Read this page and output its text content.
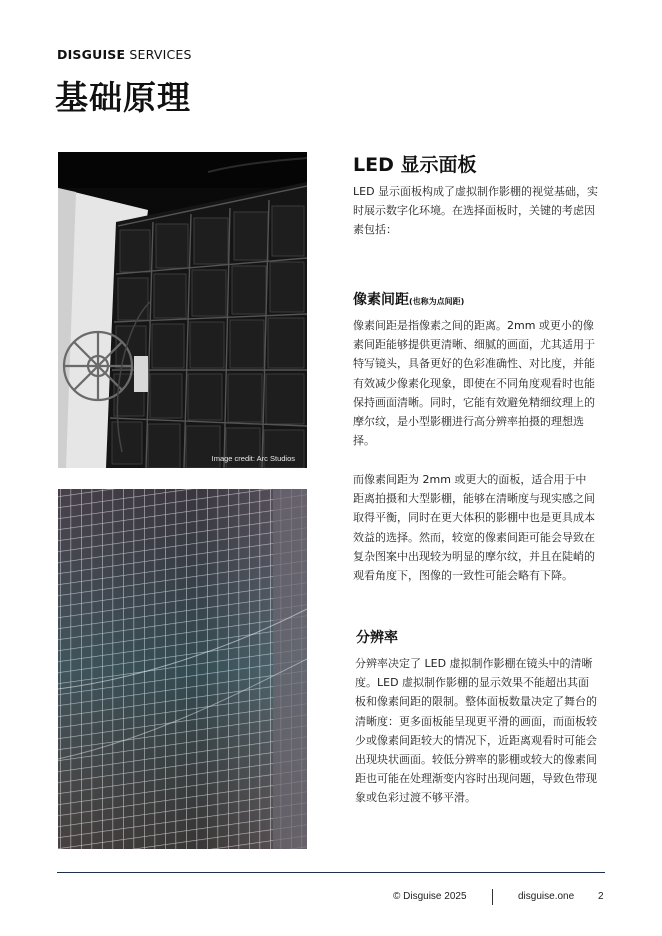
DISGUISE SERVICES
基础原理
Image credit: Arc Studios
LED 显示面板

LED 显示面板构成了虚拟制作影棚的视觉基础，实时展示数字化环境。在选择面板时，关键的考虑因素包括：

像素间距(也称为点间距)

像素间距是指像素之间的距离。2mm 或更小的像素间距能够提供更清晰、细腻的画面，尤其适用于特写镜头，具备更好的色彩准确性、对比度，并能有效减少像素化现象，即使在不同角度观看时也能保持画面清晰。同时，它能有效避免精细纹理上的摩尔纹，是小型影棚进行高分辨率拍摄的理想选择。

而像素间距为 2mm 或更大的面板，适合用于中距离拍摄和大型影棚，能够在清晰度与现实感之间取得平衡，同时在更大体积的影棚中也是更具成本效益的选择。然而，较宽的像素间距可能会导致在复杂图案中出现较为明显的摩尔纹，并且在陡峭的观看角度下，图像的一致性可能会略有下降。

分辨率

分辨率决定了 LED 虚拟制作影棚在镜头中的清晰度。LED 虚拟制作影棚的显示效果不能超出其面板和像素间距的限制。整体面板数量决定了舞台的清晰度：更多面板能呈现更平滑的画面，而面板较少或像素间距较大的情况下，近距离观看时可能会出现块状画面。较低分辨率的影棚或较大的像素间距也可能在处理渐变内容时出现问题，导致色带现象或色彩过渡不够平滑。

© Disguise 2025	disguise.one 2
